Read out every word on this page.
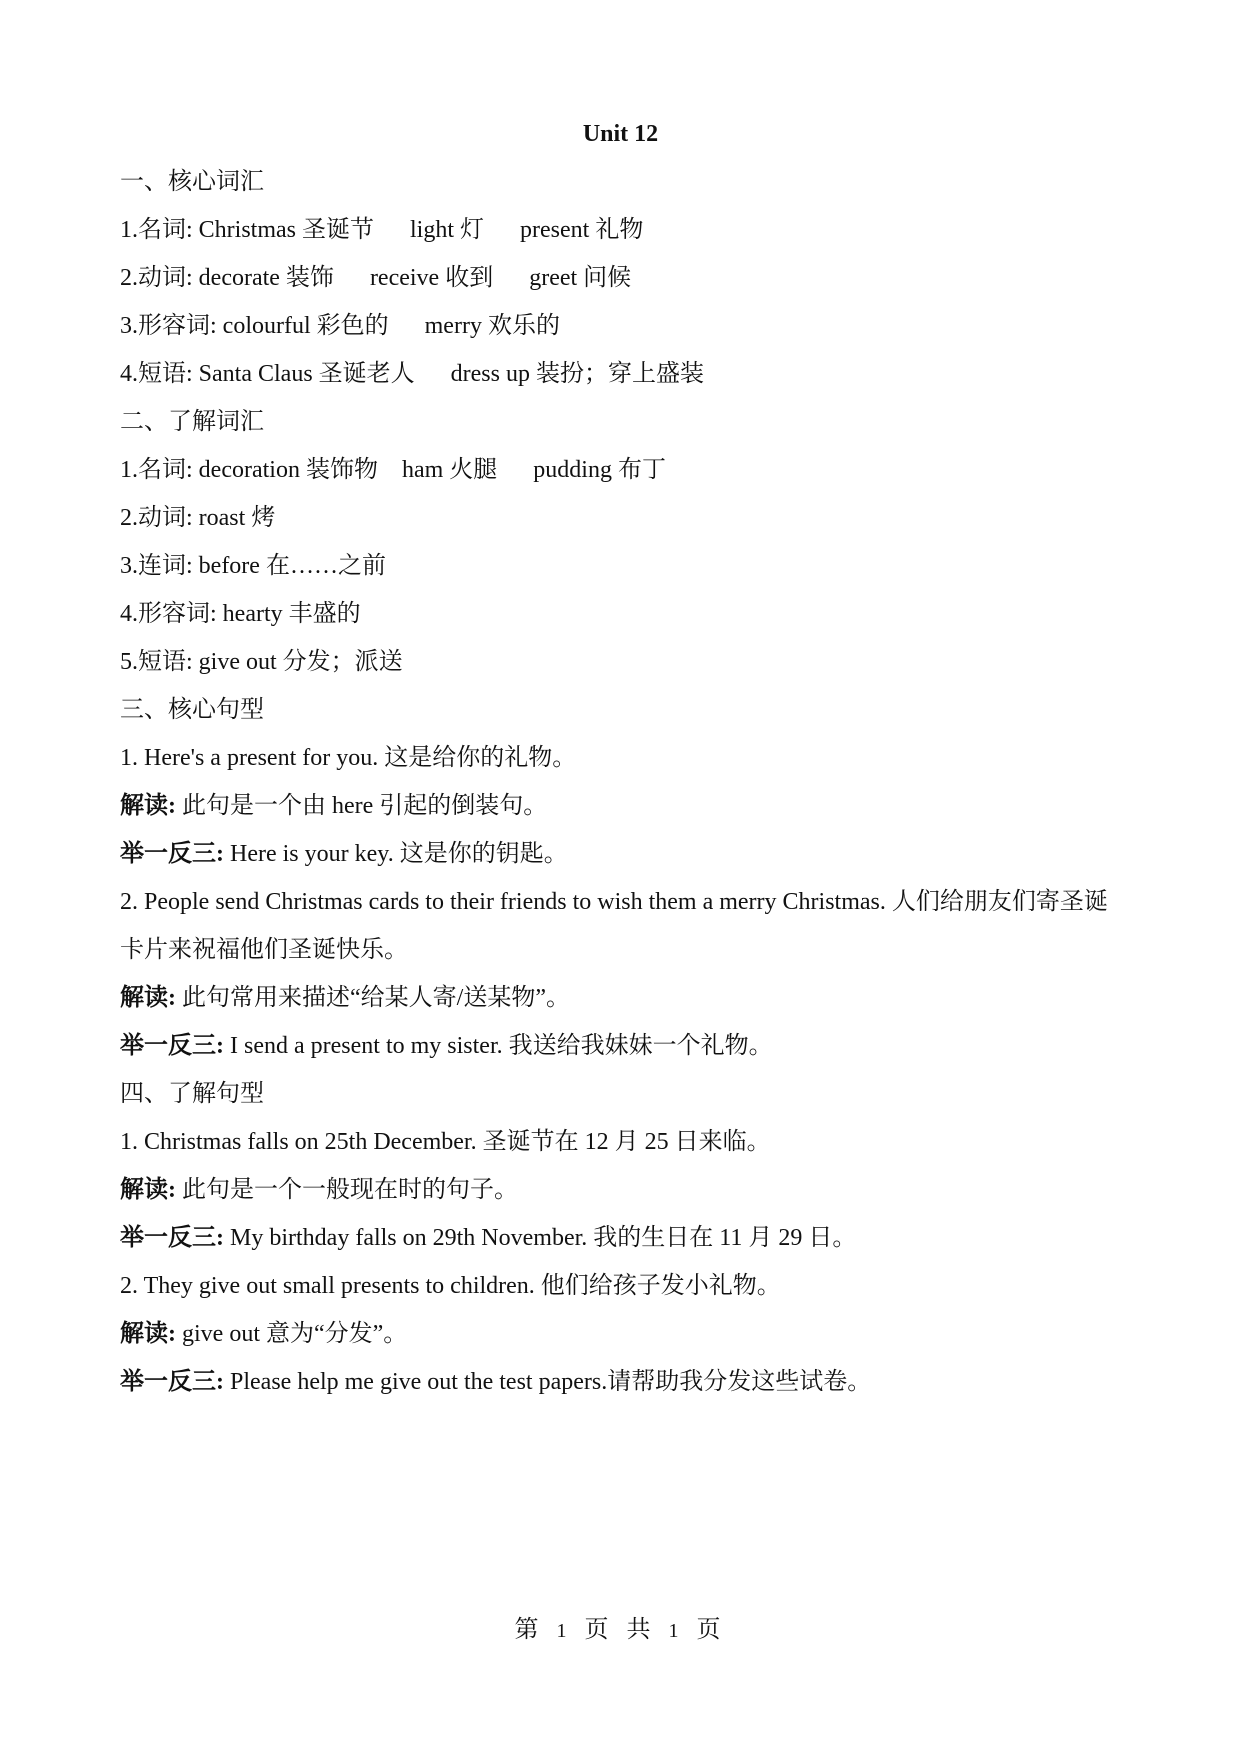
Unit 12
一、核心词汇
1.名词: Christmas 圣诞节 light 灯 present 礼物
2.动词: decorate 装饰 receive 收到 greet 问候
3.形容词: colourful 彩色的 merry 欢乐的
4.短语: Santa Claus 圣诞老人 dress up 装扮；穿上盛装
二、了解词汇
1.名词: decoration 装饰物 ham 火腿 pudding 布丁
2.动词: roast 烤
3.连词: before 在……之前
4.形容词: hearty 丰盛的
5.短语: give out 分发；派送
三、核心句型
1. Here's a present for you. 这是给你的礼物。
解读: 此句是一个由 here 引起的倒装句。
举一反三: Here is your key. 这是你的钥匙。
2. People send Christmas cards to their friends to wish them a merry Christmas. 人们给朋友们寄圣诞卡片来祝福他们圣诞快乐。
解读: 此句常用来描述“给某人寄/送某物”。
举一反三: I send a present to my sister. 我送给我妹妹一个礼物。
四、了解句型
1. Christmas falls on 25th December. 圣诞节在 12 月 25 日来临。
解读: 此句是一个一般现在时的句子。
举一反三: My birthday falls on 29th November. 我的生日在 11 月 29 日。
2. They give out small presents to children. 他们给孩子发小礼物。
解读: give out 意为“分发”。
举一反三: Please help me give out the test papers.请帮助我分发这些试卷。
第 1 页 共 1 页
